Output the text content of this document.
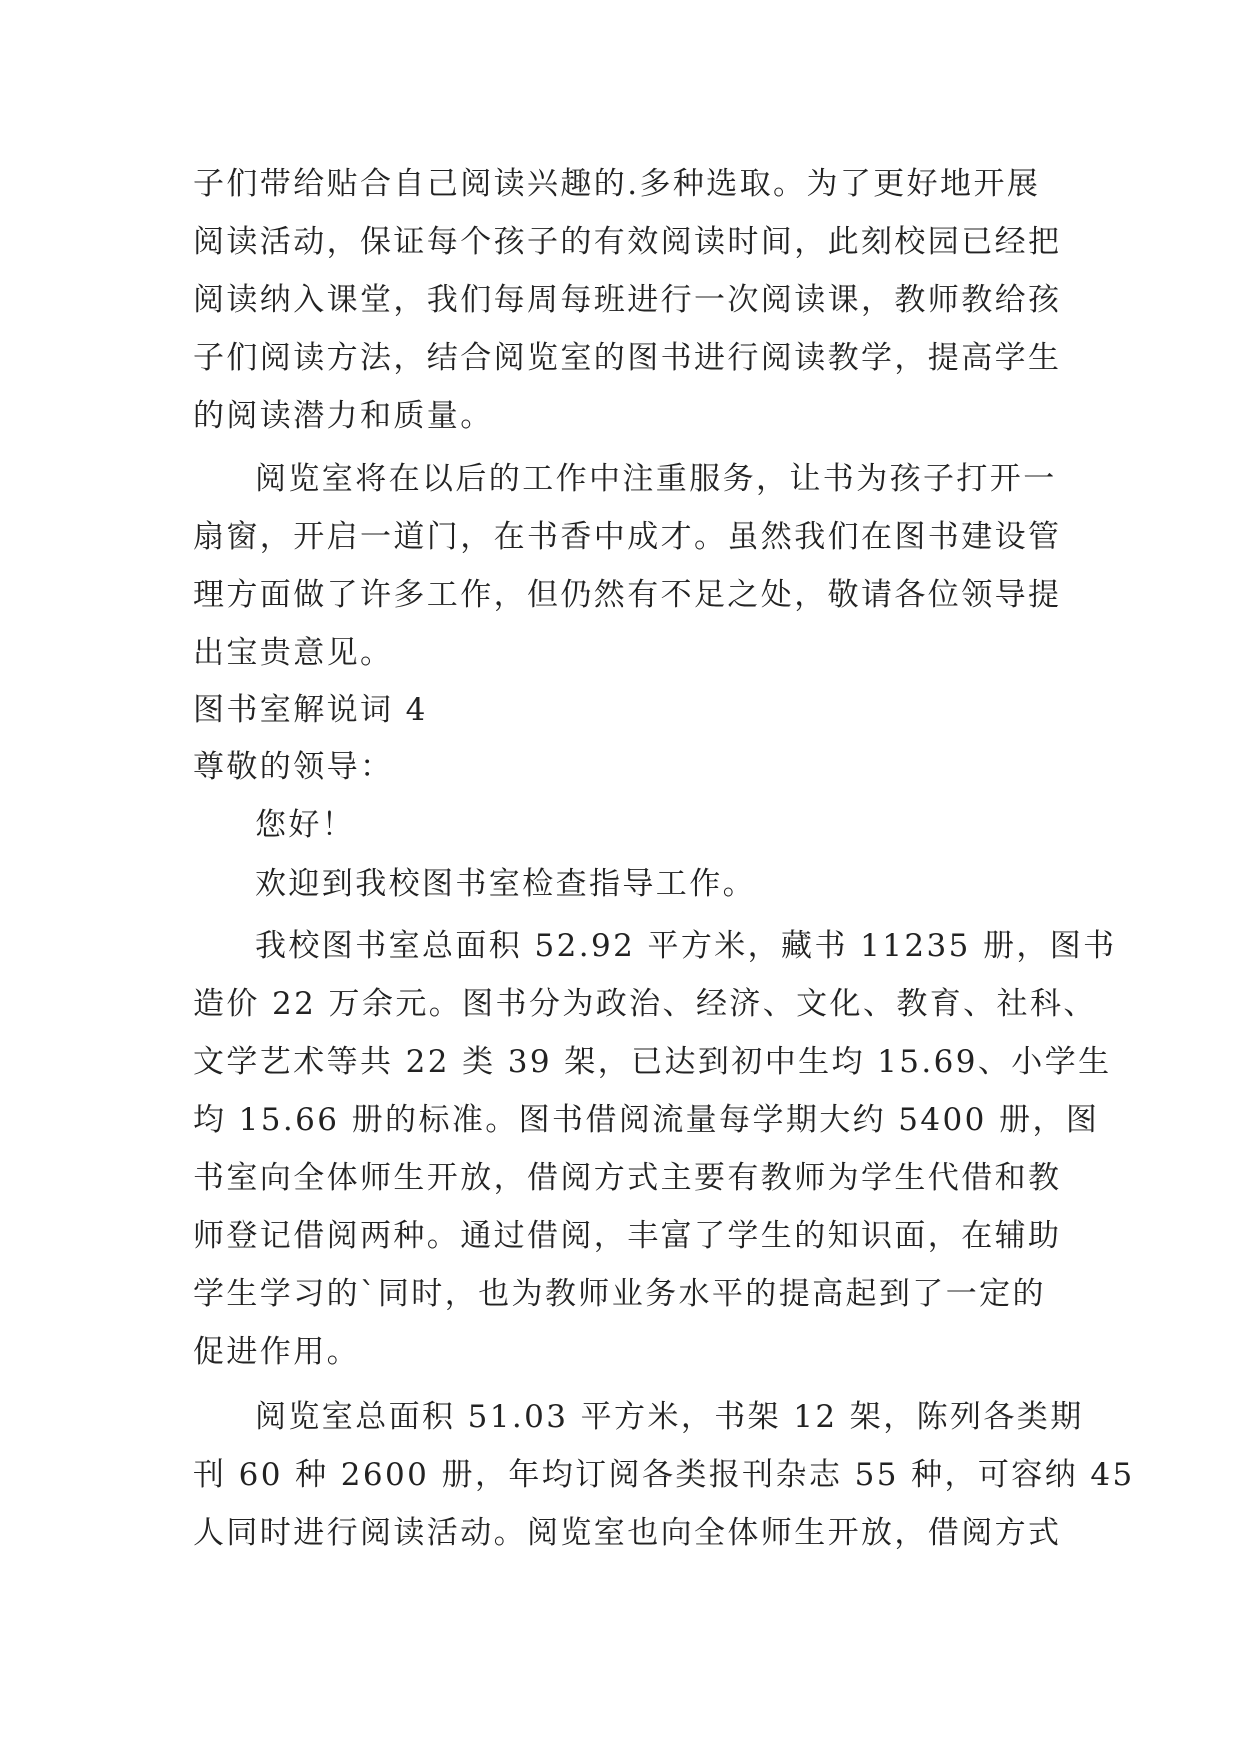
子们带给贴合自己阅读兴趣的.多种选取。为了更好地开展
阅读活动，保证每个孩子的有效阅读时间，此刻校园已经把
阅读纳入课堂，我们每周每班进行一次阅读课，教师教给孩
子们阅读方法，结合阅览室的图书进行阅读教学，提高学生
的阅读潜力和质量。
阅览室将在以后的工作中注重服务，让书为孩子打开一
扇窗，开启一道门，在书香中成才。虽然我们在图书建设管
理方面做了许多工作，但仍然有不足之处，敬请各位领导提
出宝贵意见。
图书室解说词 4
尊敬的领导：
您好！
欢迎到我校图书室检查指导工作。
我校图书室总面积 52.92 平方米，藏书 11235 册，图书
造价 22 万余元。图书分为政治、经济、文化、教育、社科、
文学艺术等共 22 类 39 架，已达到初中生均 15.69、小学生
均 15.66 册的标准。图书借阅流量每学期大约 5400 册，图
书室向全体师生开放，借阅方式主要有教师为学生代借和教
师登记借阅两种。通过借阅，丰富了学生的知识面，在辅助
学生学习的`同时，也为教师业务水平的提高起到了一定的
促进作用。
阅览室总面积 51.03 平方米，书架 12 架，陈列各类期
刊 60 种 2600 册，年均订阅各类报刊杂志 55 种，可容纳 45
人同时进行阅读活动。阅览室也向全体师生开放，借阅方式
